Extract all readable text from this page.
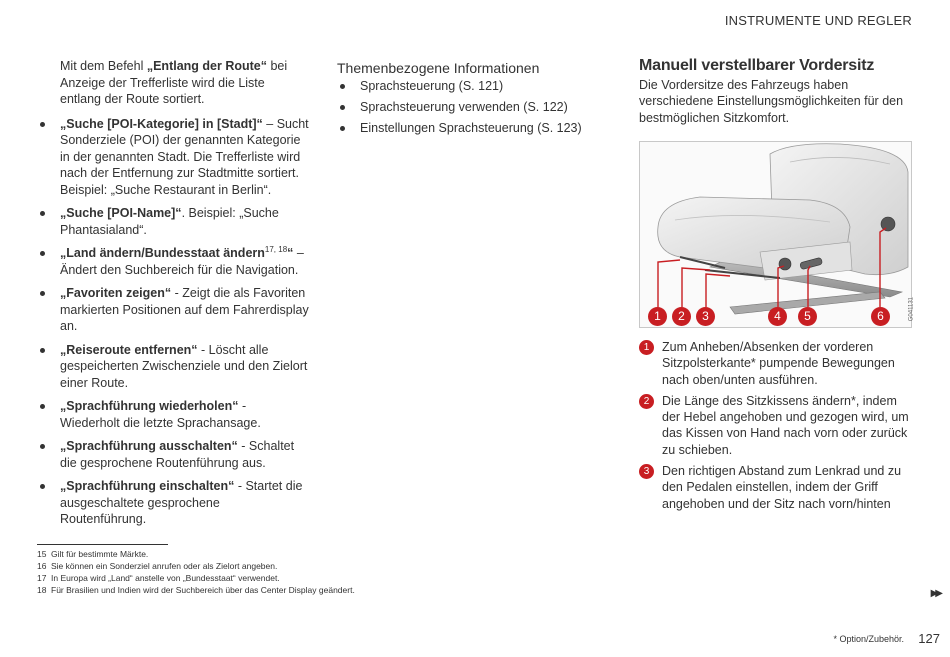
INSTRUMENTE UND REGLER

Mit dem Befehl „Entlang der Route“ bei Anzeige der Trefferliste wird die Liste entlang der Route sortiert.

„Suche [POI-Kategorie] in [Stadt]“ – Sucht Sonderziele (POI) der genannten Kategorie in der genannten Stadt. Die Trefferliste wird nach der Entfernung zur Stadtmitte sortiert. Beispiel: „Suche Restaurant in Berlin“.
„Suche [POI-Name]“. Beispiel: „Suche Phantasialand“.
„Land ändern/Bundesstaat ändern$^{17, 18}$“ – Ändert den Suchbereich für die Navigation.
„Favoriten zeigen“ - Zeigt die als Favoriten markierten Positionen auf dem Fahrerdisplay an.
„Reiseroute entfernen“ - Löscht alle gespeicherten Zwischenziele und den Zielort einer Route.
„Sprachführung wiederholen“ - Wiederholt die letzte Sprachansage.
„Sprachführung ausschalten“ - Schaltet die gesprochene Routenführung aus.
„Sprachführung einschalten“ - Startet die ausgeschaltete gesprochene Routenführung.
Themenbezogene Informationen
Sprachsteuerung (S. 121)
Sprachsteuerung verwenden (S. 122)
Einstellungen Sprachsteuerung (S. 123)
Manuell verstellbarer Vordersitz

Die Vordersitze des Fahrzeugs haben verschiedene Einstellungsmöglichkeiten für den bestmöglichen Sitzkomfort.

1	2	3	4	5	6	G041131
1	Zum Anheben/Absenken der vorderen Sitzpolsterkante* pumpende Bewegungen nach oben/unten ausführen.
2	Die Länge des Sitzkissens ändern*, indem der Hebel angehoben und gezogen wird, um das Kissen von Hand nach vorn oder zurück zu schieben.
3	Den richtigen Abstand zum Lenkrad und zu den Pedalen einstellen, indem der Griff angehoben und der Sitz nach vorn/hinten
15 Gilt für bestimmte Märkte.
16 Sie können ein Sonderziel anrufen oder als Zielort angeben.
17 In Europa wird „Land“ anstelle von „Bundesstaat“ verwendet.
18 Für Brasilien und Indien wird der Suchbereich über das Center Display geändert.	▶▶
* Option/Zubehör. 127
